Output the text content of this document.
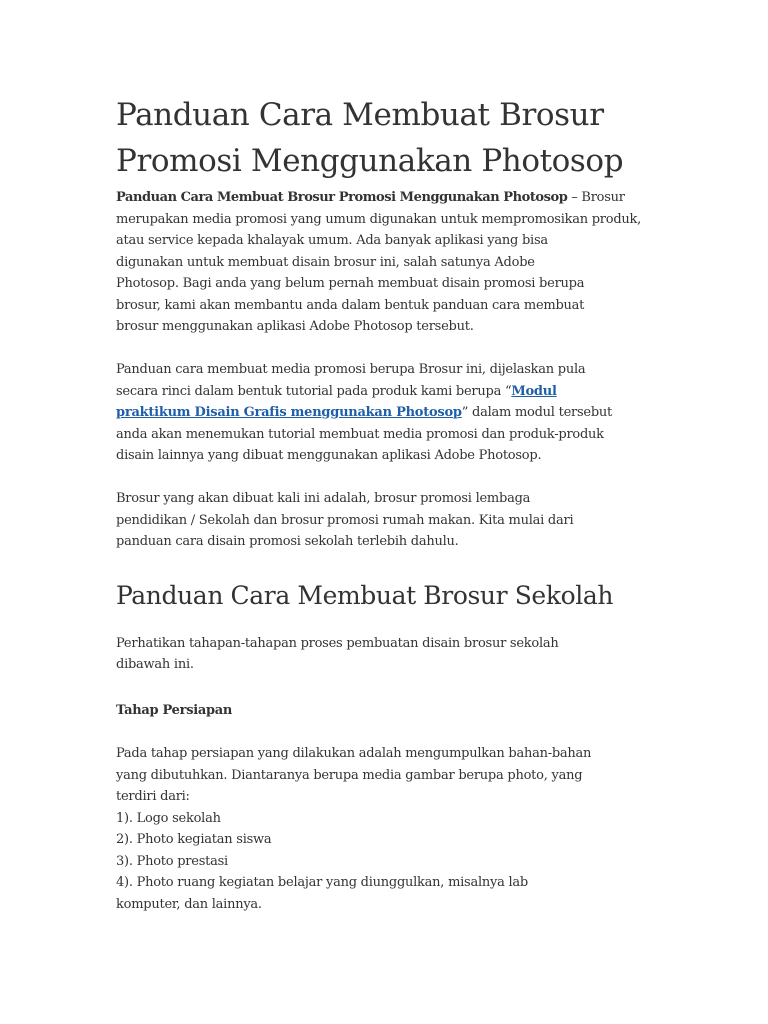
Panduan Cara Membuat Brosur
Promosi Menggunakan Photosop

Panduan Cara Membuat Brosur Promosi Menggunakan Photosop – Brosur
merupakan media promosi yang umum digunakan untuk mempromosikan produk,
atau service kepada khalayak umum. Ada banyak aplikasi yang bisa
digunakan untuk membuat disain brosur ini, salah satunya Adobe
Photosop. Bagi anda yang belum pernah membuat disain promosi berupa
brosur, kami akan membantu anda dalam bentuk panduan cara membuat
brosur menggunakan aplikasi Adobe Photosop tersebut.

Panduan cara membuat media promosi berupa Brosur ini, dijelaskan pula
secara rinci dalam bentuk tutorial pada produk kami berupa “Modul
praktikum Disain Grafis menggunakan Photosop” dalam modul tersebut
anda akan menemukan tutorial membuat media promosi dan produk-produk
disain lainnya yang dibuat menggunakan aplikasi Adobe Photosop.

Brosur yang akan dibuat kali ini adalah, brosur promosi lembaga
pendidikan / Sekolah dan brosur promosi rumah makan. Kita mulai dari
panduan cara disain promosi sekolah terlebih dahulu.

Panduan Cara Membuat Brosur Sekolah

Perhatikan tahapan-tahapan proses pembuatan disain brosur sekolah
dibawah ini.

Tahap Persiapan

Pada tahap persiapan yang dilakukan adalah mengumpulkan bahan-bahan
yang dibutuhkan. Diantaranya berupa media gambar berupa photo, yang
terdiri dari:

1). Logo sekolah
2). Photo kegiatan siswa
3). Photo prestasi
4). Photo ruang kegiatan belajar yang diunggulkan, misalnya lab
komputer, dan lainnya.
